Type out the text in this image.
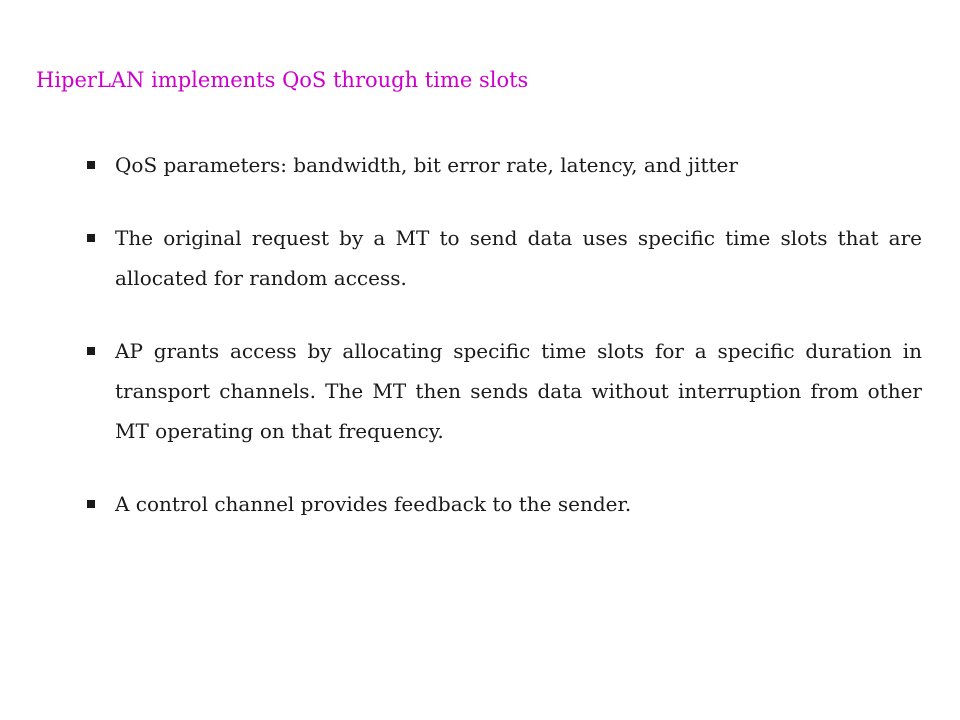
HiperLAN implements QoS through time slots
QoS parameters: bandwidth, bit error rate, latency, and jitter
The original request by a MT to send data uses specific time slots that are allocated for random access.
AP grants access by allocating specific time slots for a specific duration in transport channels. The MT then sends data without interruption from other MT operating on that frequency.
A control channel provides feedback to the sender.
